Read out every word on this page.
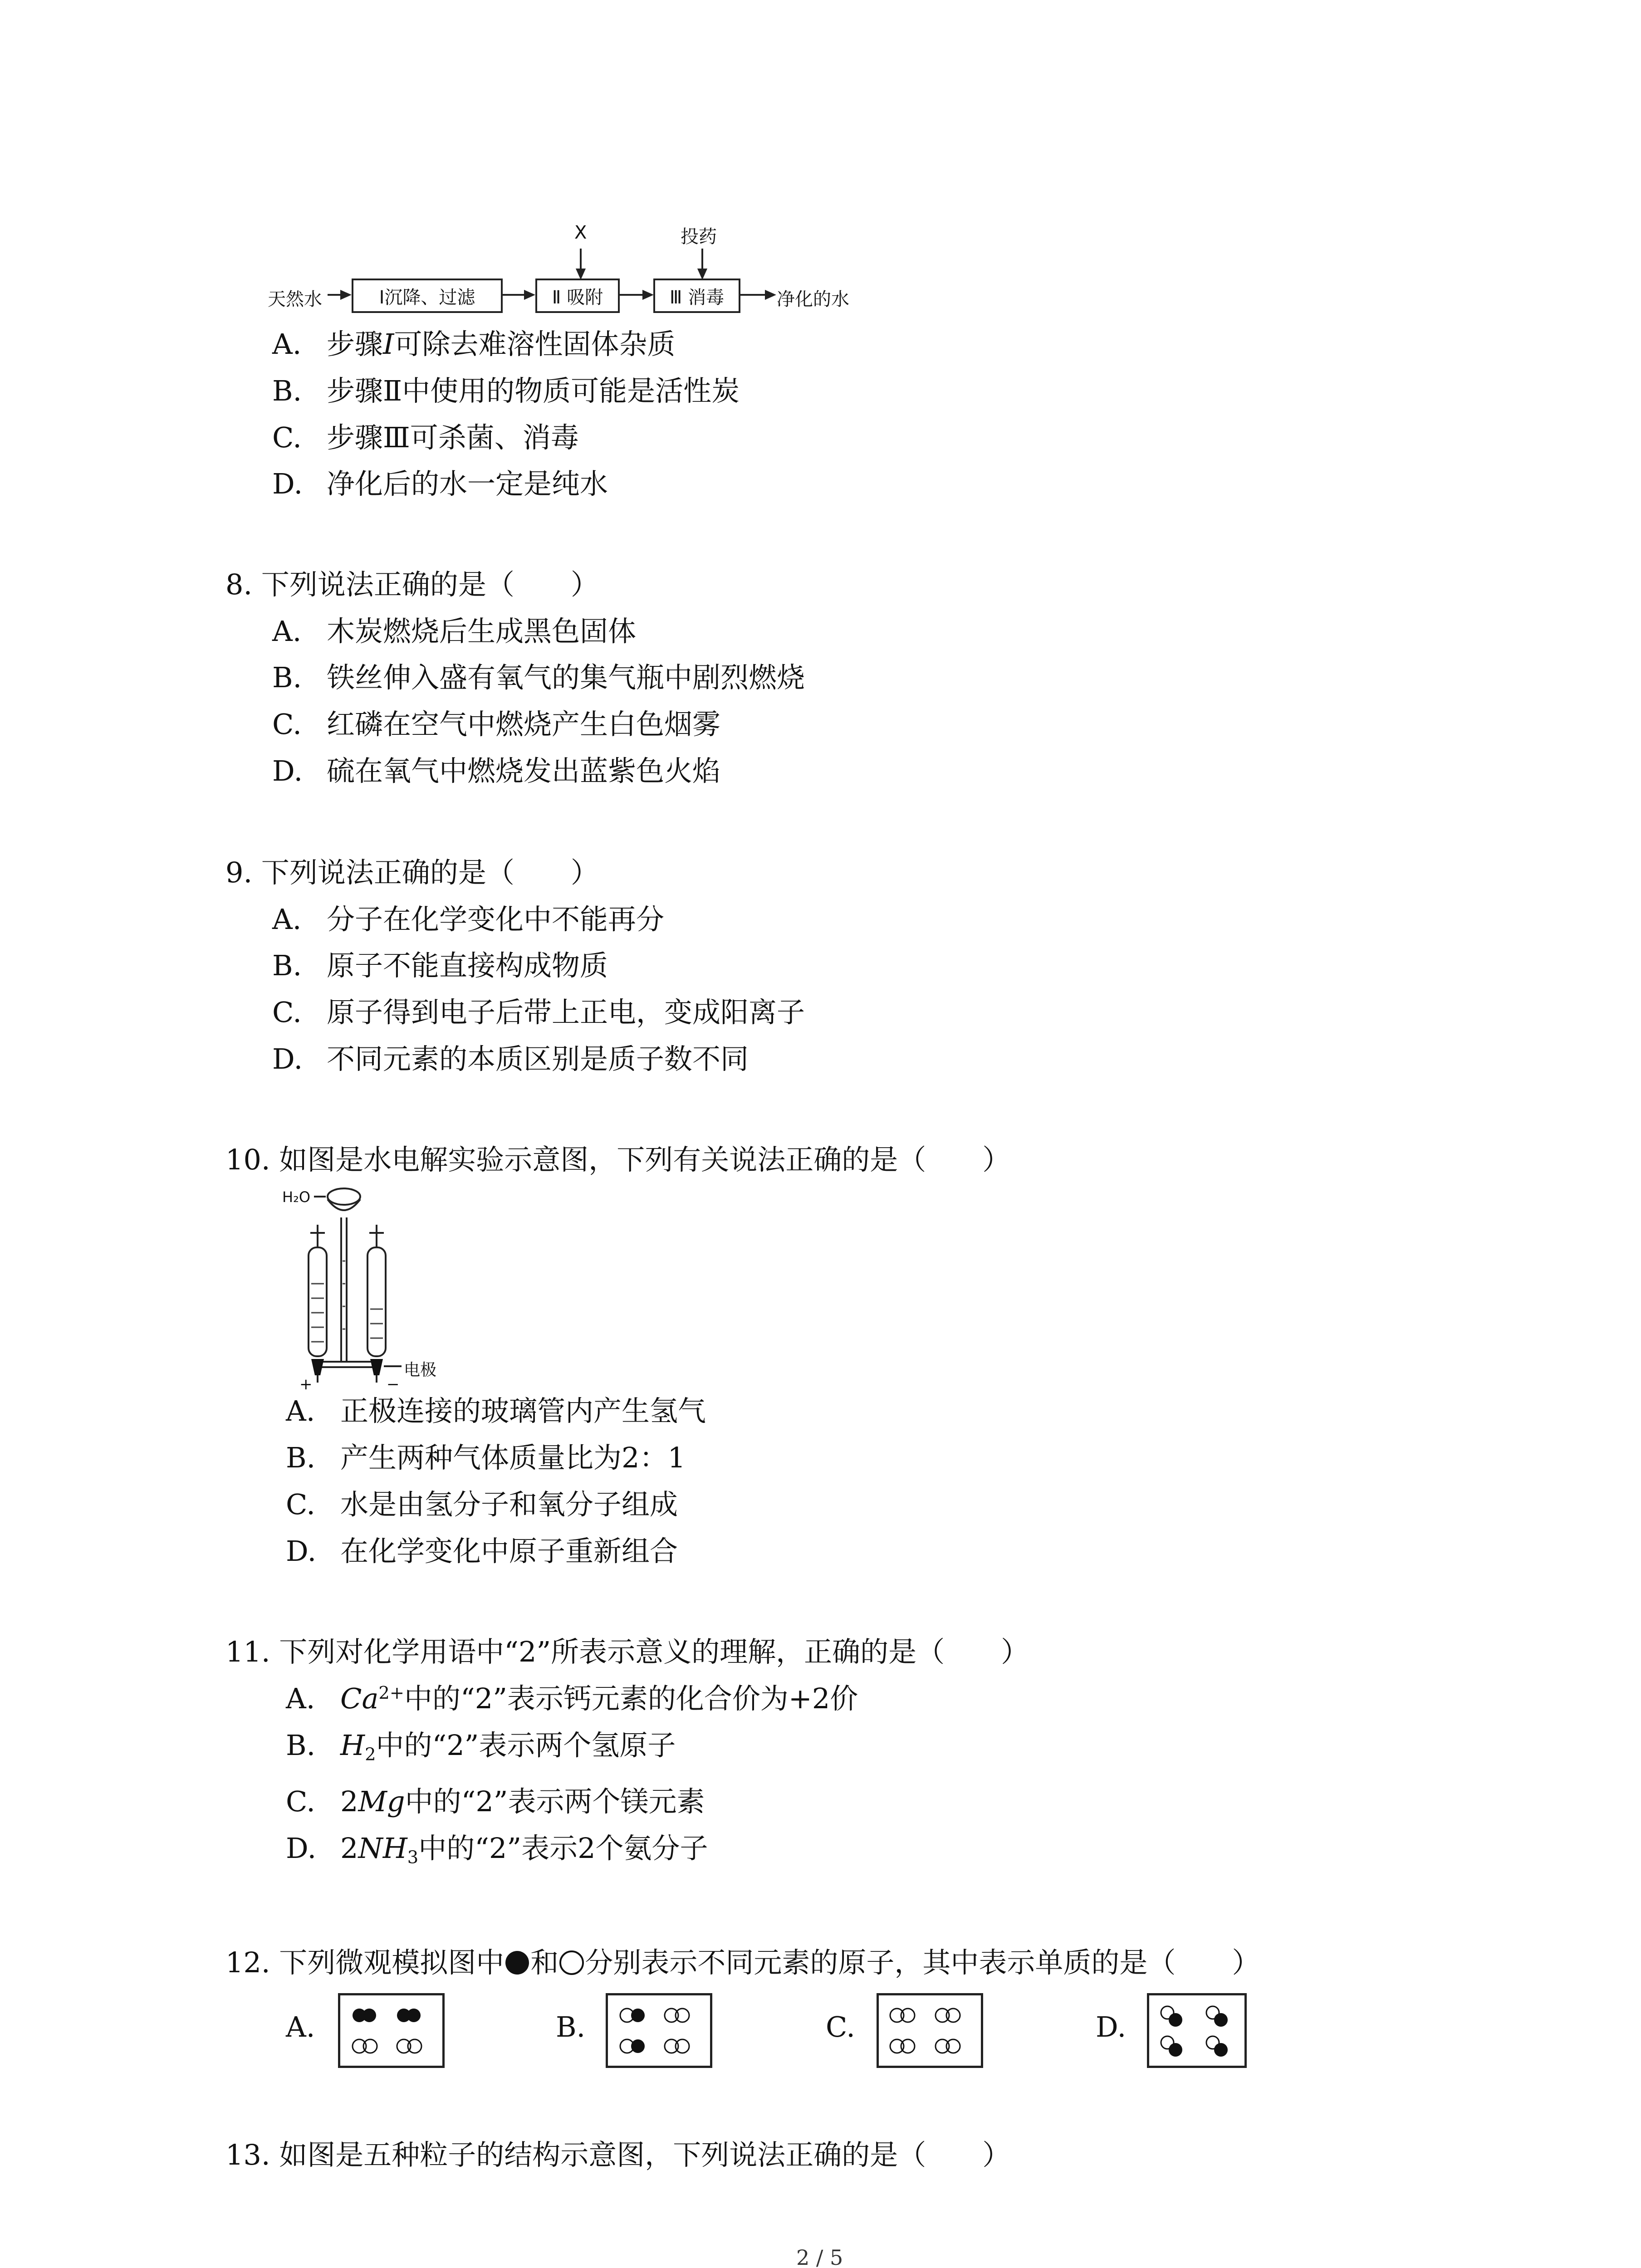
天然水	Ⅰ沉降、过滤	Ⅱ 吸附	Ⅲ 消毒	净化的水
X	投药
A. 步骤I可除去难溶性固体杂质
B. 步骤Ⅱ中使用的物质可能是活性炭
C. 步骤Ⅲ可杀菌、消毒
D. 净化后的水一定是纯水
8. 下列说法正确的是（　　）
A. 木炭燃烧后生成黑色固体
B. 铁丝伸入盛有氧气的集气瓶中剧烈燃烧
C. 红磷在空气中燃烧产生白色烟雾
D. 硫在氧气中燃烧发出蓝紫色火焰
9. 下列说法正确的是（　　）
A. 分子在化学变化中不能再分
B. 原子不能直接构成物质
C. 原子得到电子后带上正电，变成阳离子
D. 不同元素的本质区别是质子数不同
10. 如图是水电解实验示意图，下列有关说法正确的是（　　）
H₂O
电极
+	−
A. 正极连接的玻璃管内产生氢气
B. 产生两种气体质量比为2：1
C. 水是由氢分子和氧分子组成
D. 在化学变化中原子重新组合
11. 下列对化学用语中“2”所表示意义的理解，正确的是（　　）
A. $Ca^{2+}$中的“2”表示钙元素的化合价为+2价
B. $H_2$中的“2”表示两个氢原子
C. 2Mg中的“2”表示两个镁元素
D. $2NH_3$中的“2”表示2个氨分子
12. 下列微观模拟图中 和 分别表示不同元素的原子，其中表示单质的是（　　）
A.	B.	C.	D.
13. 如图是五种粒子的结构示意图，下列说法正确的是（　　）
2 / 5
